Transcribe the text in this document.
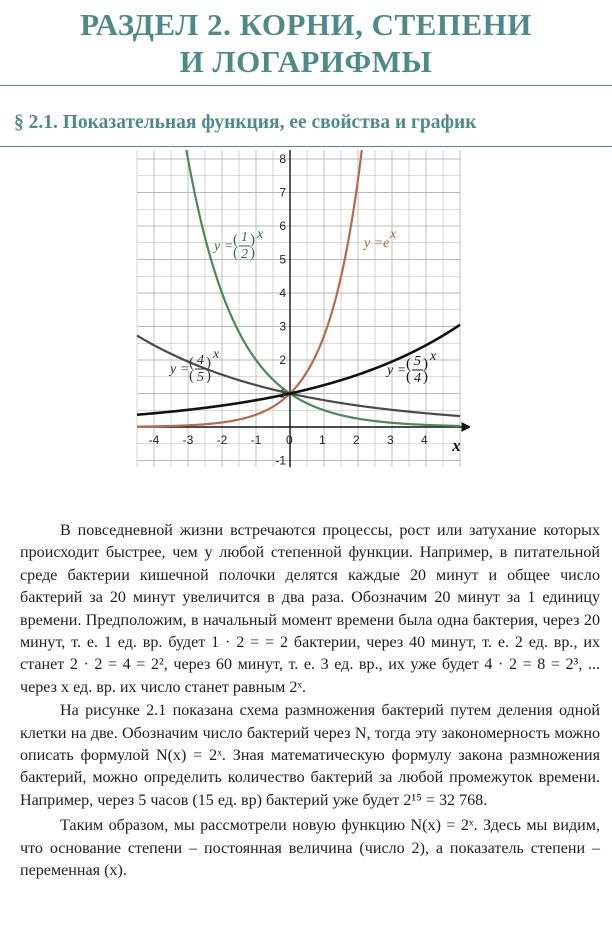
РАЗДЕЛ 2. КОРНИ, СТЕПЕНИ
И ЛОГАРИФМЫ
§ 2.1. Показательная функция, ее свойства и график
-4 -3 -2 -1 0 1 2 3 4
-1
1
2
3
4
5
6
7
8
x
y = (
(
1
2
)
)
x
y = e
x
y = (
(
4
5
)
)
x
y = (
(
5
4
)
)
x

В повседневной жизни встречаются процессы, рост или затухание которых происходит быстрее, чем у любой степенной функции. Например, в питательной среде бактерии кишечной полочки делятся каждые 20 минут и общее число бактерий за 20 минут увеличится в два раза. Обозначим 20 минут за 1 единицу времени. Предположим, в начальный момент времени была одна бактерия, через 20 минут, т. е. 1 ед. вр. будет 1 · 2 = = 2 бактерии, через 40 минут, т. е. 2 ед. вр., их станет 2 · 2 = 4 = 2², через 60 минут, т. е. 3 ед. вр., их уже будет 4 · 2 = 8 = 2³, ... через x ед. вр. их число станет равным 2ˣ.

На рисунке 2.1 показана схема размножения бактерий путем деления одной клетки на две. Обозначим число бактерий через N, тогда эту закономерность можно описать формулой N(x) = 2ˣ. Зная математическую формулу закона размножения бактерий, можно определить количество бактерий за любой промежуток времени. Например, через 5 часов (15 ед. вр) бактерий уже будет 2¹⁵ = 32 768.

Таким образом, мы рассмотрели новую функцию N(x) = 2ˣ. Здесь мы видим, что основание степени – постоянная величина (число 2), а показатель степени – переменная (x).
